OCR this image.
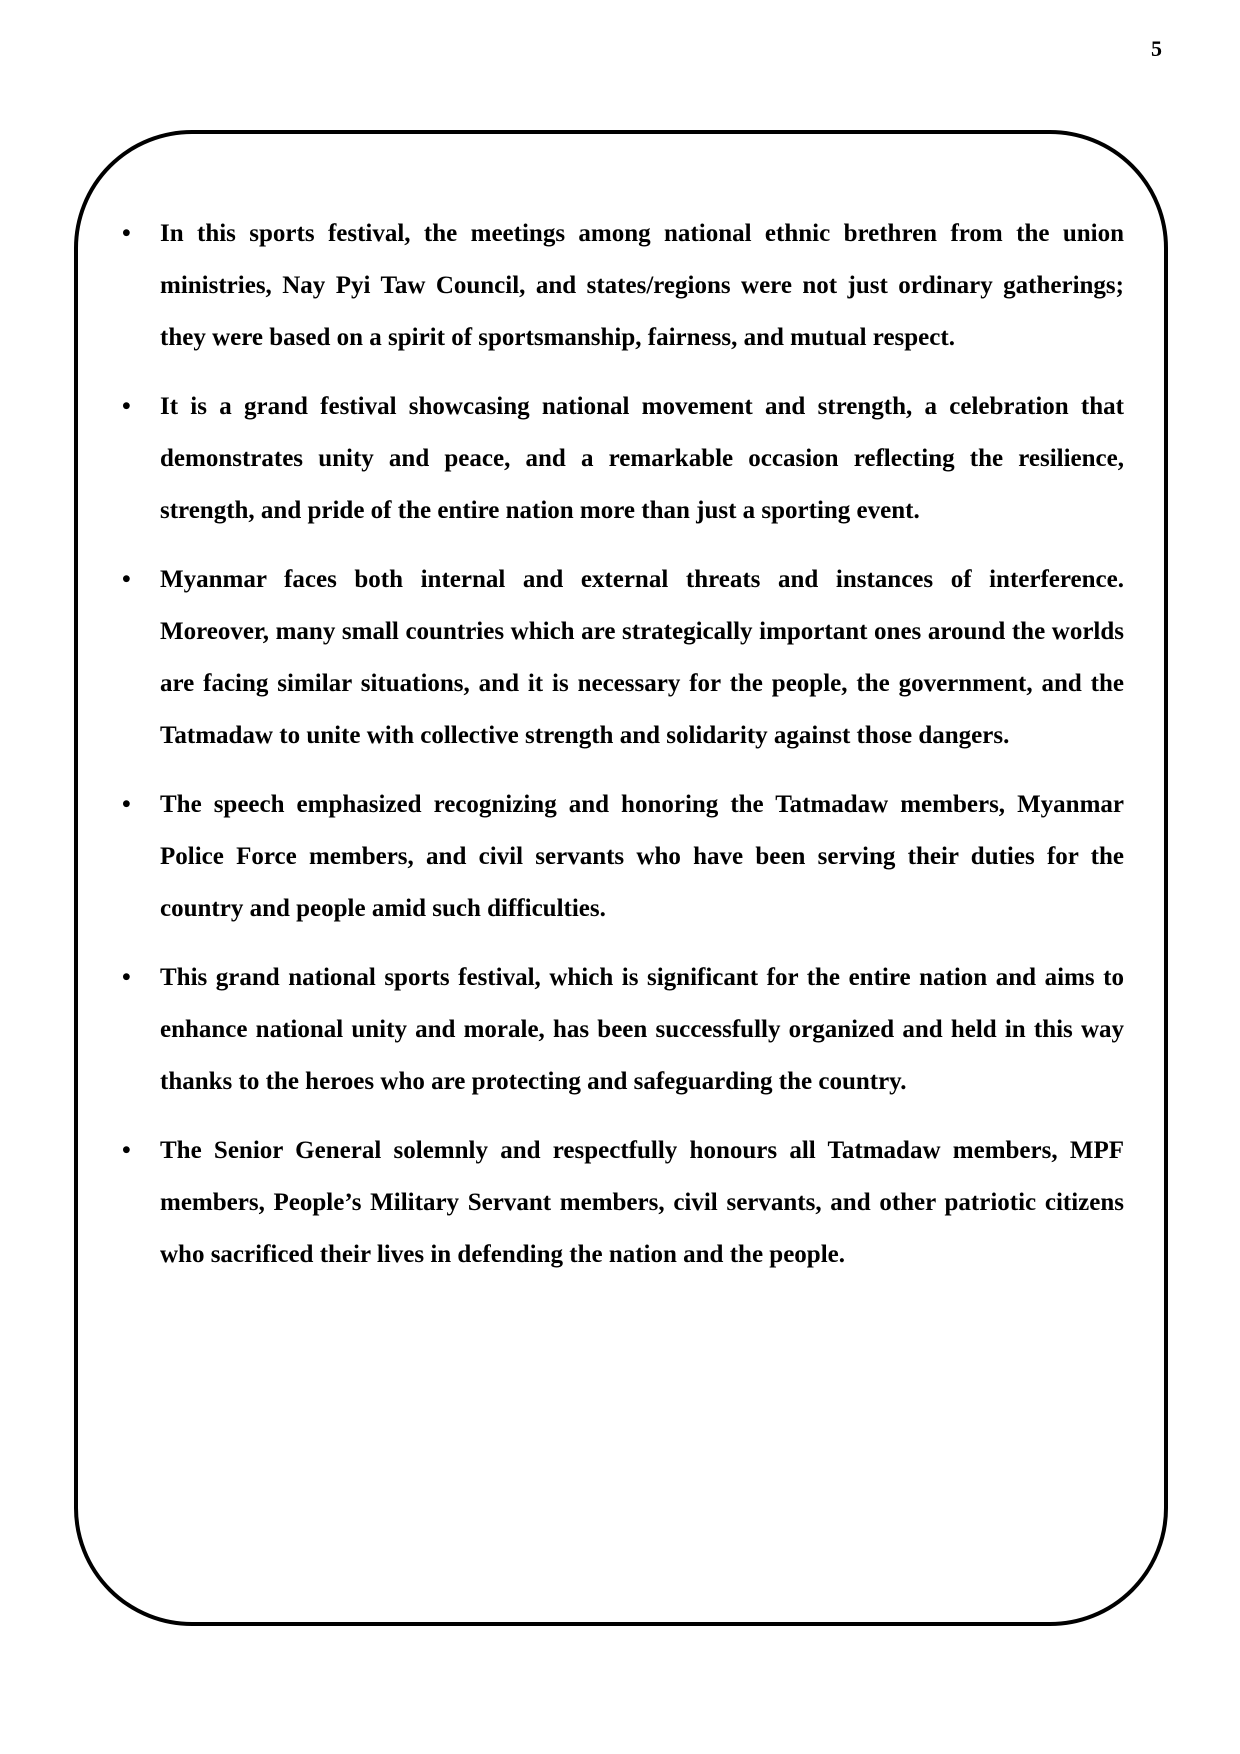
5
• In this sports festival, the meetings among national ethnic brethren from the union ministries, Nay Pyi Taw Council, and states/regions were not just ordinary gatherings; they were based on a spirit of sportsmanship, fairness, and mutual respect.
• It is a grand festival showcasing national movement and strength, a celebration that demonstrates unity and peace, and a remarkable occasion reflecting the resilience, strength, and pride of the entire nation more than just a sporting event.
• Myanmar faces both internal and external threats and instances of interference. Moreover, many small countries which are strategically important ones around the worlds are facing similar situations, and it is necessary for the people, the government, and the Tatmadaw to unite with collective strength and solidarity against those dangers.
• The speech emphasized recognizing and honoring the Tatmadaw members, Myanmar Police Force members, and civil servants who have been serving their duties for the country and people amid such difficulties.
• This grand national sports festival, which is significant for the entire nation and aims to enhance national unity and morale, has been successfully organized and held in this way thanks to the heroes who are protecting and safeguarding the country.
• The Senior General solemnly and respectfully honours all Tatmadaw members, MPF members, People’s Military Servant members, civil servants, and other patriotic citizens who sacrificed their lives in defending the nation and the people.
